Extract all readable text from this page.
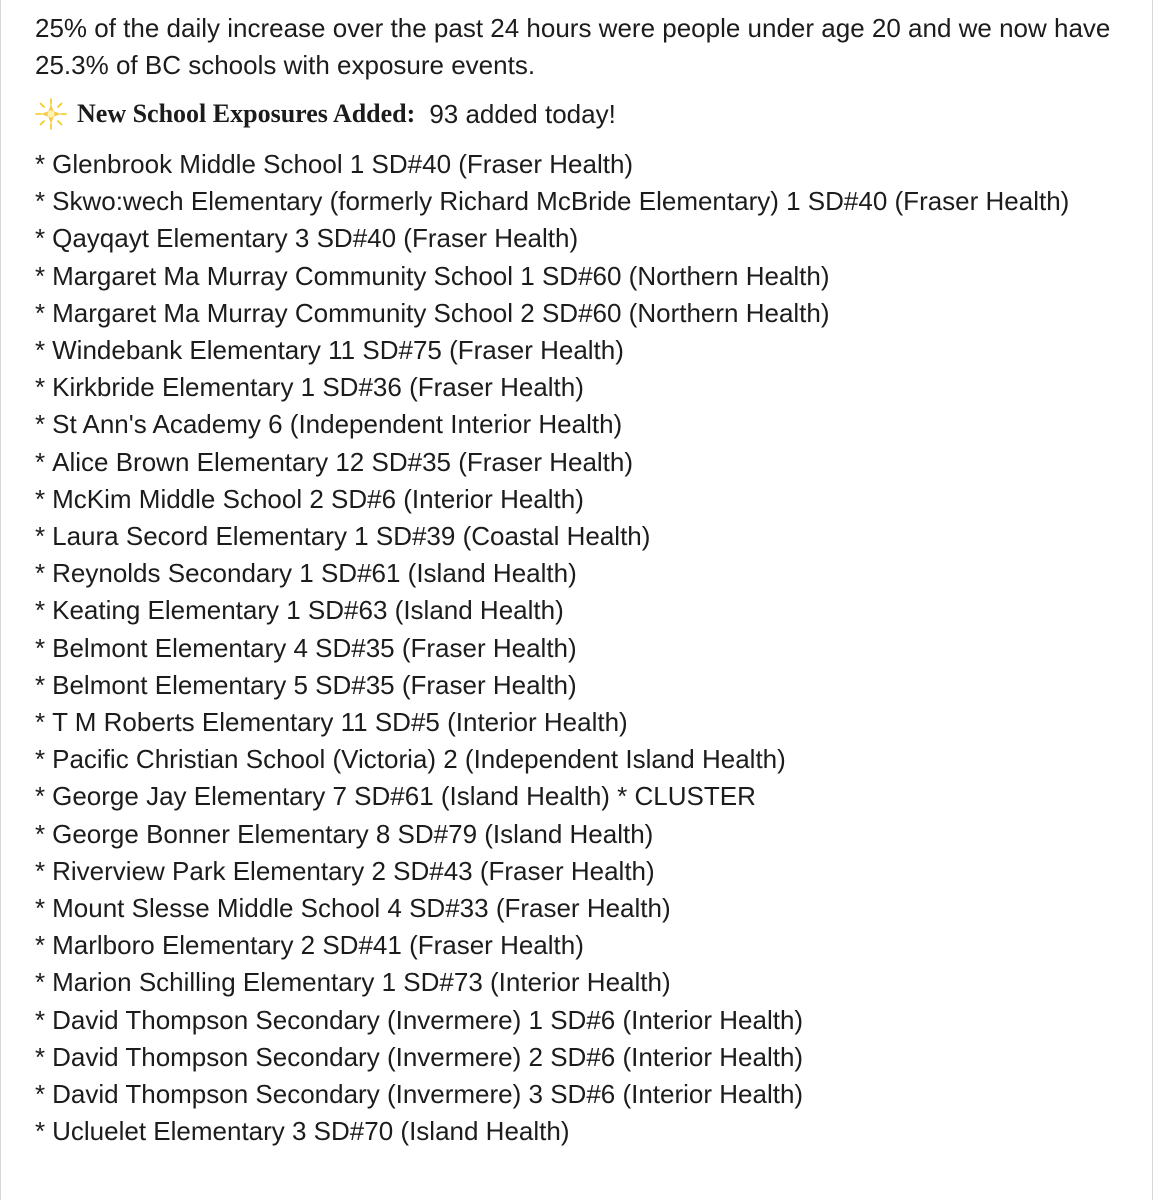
25% of the daily increase over the past 24 hours were people under age 20 and we now have 25.3% of BC schools with exposure events.

New School Exposures Added : 93 added today!
* Glenbrook Middle School 1 SD#40 (Fraser Health)
* Skwo:wech Elementary (formerly Richard McBride Elementary) 1 SD#40 (Fraser Health)
* Qayqayt Elementary 3 SD#40 (Fraser Health)
* Margaret Ma Murray Community School 1 SD#60 (Northern Health)
* Margaret Ma Murray Community School 2 SD#60 (Northern Health)
* Windebank Elementary 11 SD#75 (Fraser Health)
* Kirkbride Elementary 1 SD#36 (Fraser Health)
* St Ann's Academy 6 (Independent Interior Health)
* Alice Brown Elementary 12 SD#35 (Fraser Health)
* McKim Middle School 2 SD#6 (Interior Health)
* Laura Secord Elementary 1 SD#39 (Coastal Health)
* Reynolds Secondary 1 SD#61 (Island Health)
* Keating Elementary 1 SD#63 (Island Health)
* Belmont Elementary 4 SD#35 (Fraser Health)
* Belmont Elementary 5 SD#35 (Fraser Health)
* T M Roberts Elementary 11 SD#5 (Interior Health)
* Pacific Christian School (Victoria) 2 (Independent Island Health)
* George Jay Elementary 7 SD#61 (Island Health) * CLUSTER
* George Bonner Elementary 8 SD#79 (Island Health)
* Riverview Park Elementary 2 SD#43 (Fraser Health)
* Mount Slesse Middle School 4 SD#33 (Fraser Health)
* Marlboro Elementary 2 SD#41 (Fraser Health)
* Marion Schilling Elementary 1 SD#73 (Interior Health)
* David Thompson Secondary (Invermere) 1 SD#6 (Interior Health)
* David Thompson Secondary (Invermere) 2 SD#6 (Interior Health)
* David Thompson Secondary (Invermere) 3 SD#6 (Interior Health)
* Ucluelet Elementary 3 SD#70 (Island Health)
